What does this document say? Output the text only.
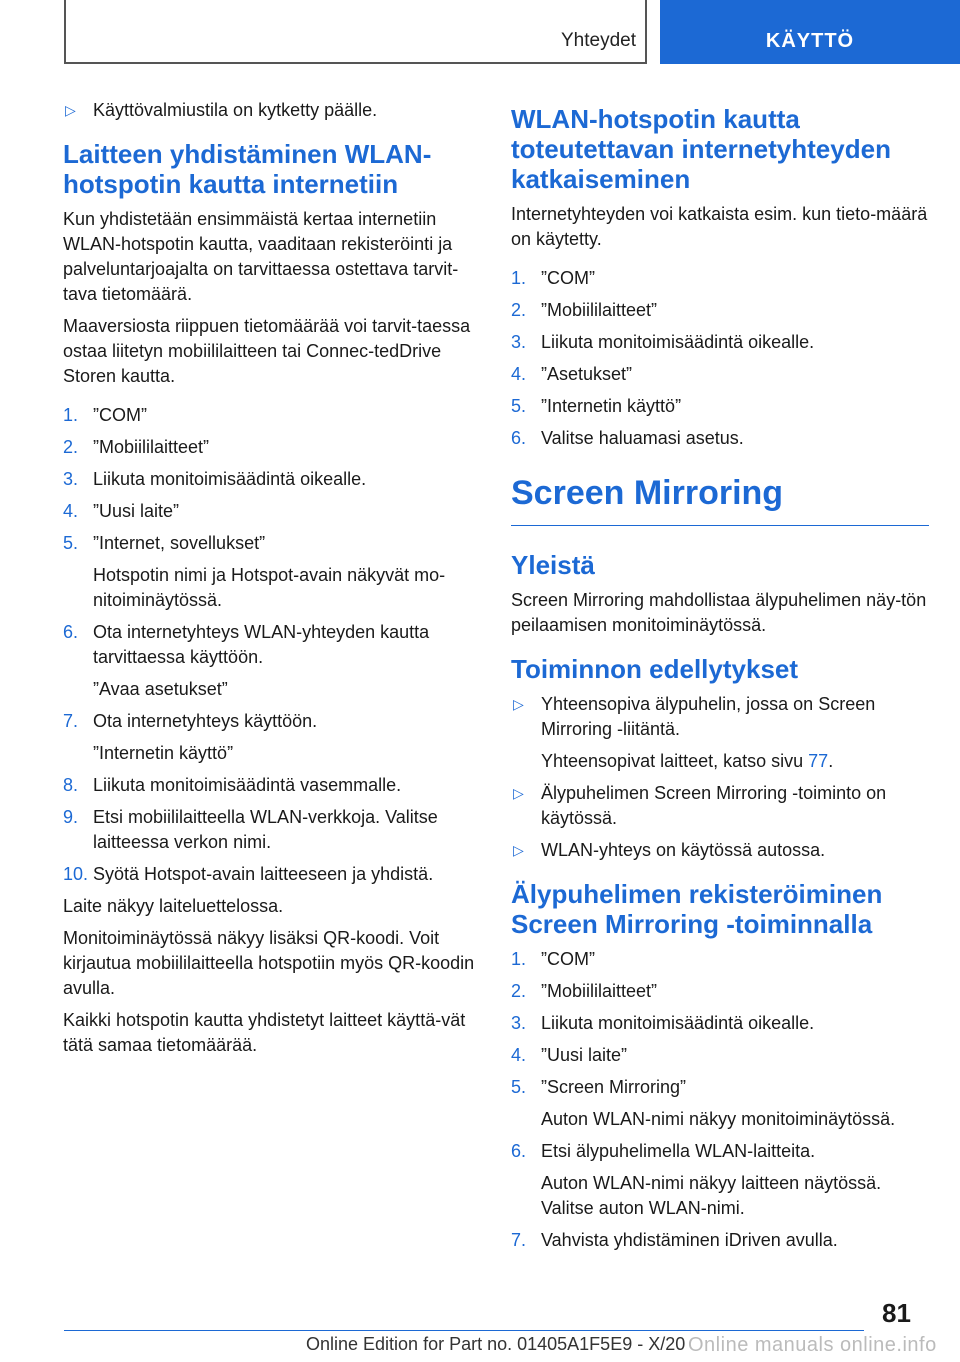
Yhteydet	KÄYTTÖ
▷ Käyttövalmiustila on kytketty päälle.
Laitteen yhdistäminen WLAN-hotspotin kautta internetiin

Kun yhdistetään ensimmäistä kertaa internetiin WLAN-hotspotin kautta, vaaditaan rekisteröinti ja palveluntarjoajalta on tarvittaessa ostettava tarvit-tava tietomäärä.

Maaversiosta riippuen tietomäärää voi tarvit-taessa ostaa liitetyn mobiililaitteen tai Connec-tedDrive Storen kautta.

1. ”COM”
2. ”Mobiililaitteet”
3. Liikuta monitoimisäädintä oikealle.
4. ”Uusi laite”
5. ”Internet, sovellukset”
Hotspotin nimi ja Hotspot-avain näkyvät mo-nitoiminäytössä.
6. Ota internetyhteys WLAN-yhteyden kautta tarvittaessa käyttöön.
”Avaa asetukset”
7. Ota internetyhteys käyttöön.
”Internetin käyttö”
8. Liikuta monitoimisäädintä vasemmalle.
9. Etsi mobiililaitteella WLAN-verkkoja. Valitse laitteessa verkon nimi.
10. Syötä Hotspot-avain laitteeseen ja yhdistä.

Laite näkyy laiteluettelossa.

Monitoiminäytössä näkyy lisäksi QR-koodi. Voit kirjautua mobiililaitteella hotspotiin myös QR-koodin avulla.

Kaikki hotspotin kautta yhdistetyt laitteet käyttä-vät tätä samaa tietomäärää.

WLAN-hotspotin kautta toteutettavan internetyhteyden katkaiseminen

Internetyhteyden voi katkaista esim. kun tieto-määrä on käytetty.

1. ”COM”
2. ”Mobiililaitteet”
3. Liikuta monitoimisäädintä oikealle.
4. ”Asetukset”
5. ”Internetin käyttö”
6. Valitse haluamasi asetus.
Screen Mirroring
Yleistä

Screen Mirroring mahdollistaa älypuhelimen näy-tön peilaamisen monitoiminäytössä.

Toiminnon edellytykset
▷ Yhteensopiva älypuhelin, jossa on Screen Mirroring -liitäntä.
Yhteensopivat laitteet, katso sivu 77.
▷ Älypuhelimen Screen Mirroring -toiminto on käytössä.
▷ WLAN-yhteys on käytössä autossa.
Älypuhelimen rekisteröiminen Screen Mirroring -toiminnalla
1. ”COM”
2. ”Mobiililaitteet”
3. Liikuta monitoimisäädintä oikealle.
4. ”Uusi laite”
5. ”Screen Mirroring”
Auton WLAN-nimi näkyy monitoiminäytössä.
6. Etsi älypuhelimella WLAN-laitteita.
Auton WLAN-nimi näkyy laitteen näytössä. Valitse auton WLAN-nimi.
7. Vahvista yhdistäminen iDriven avulla.
81
Online Edition for Part no. 01405A1F5E9 - X/20 Online manuals online.info
